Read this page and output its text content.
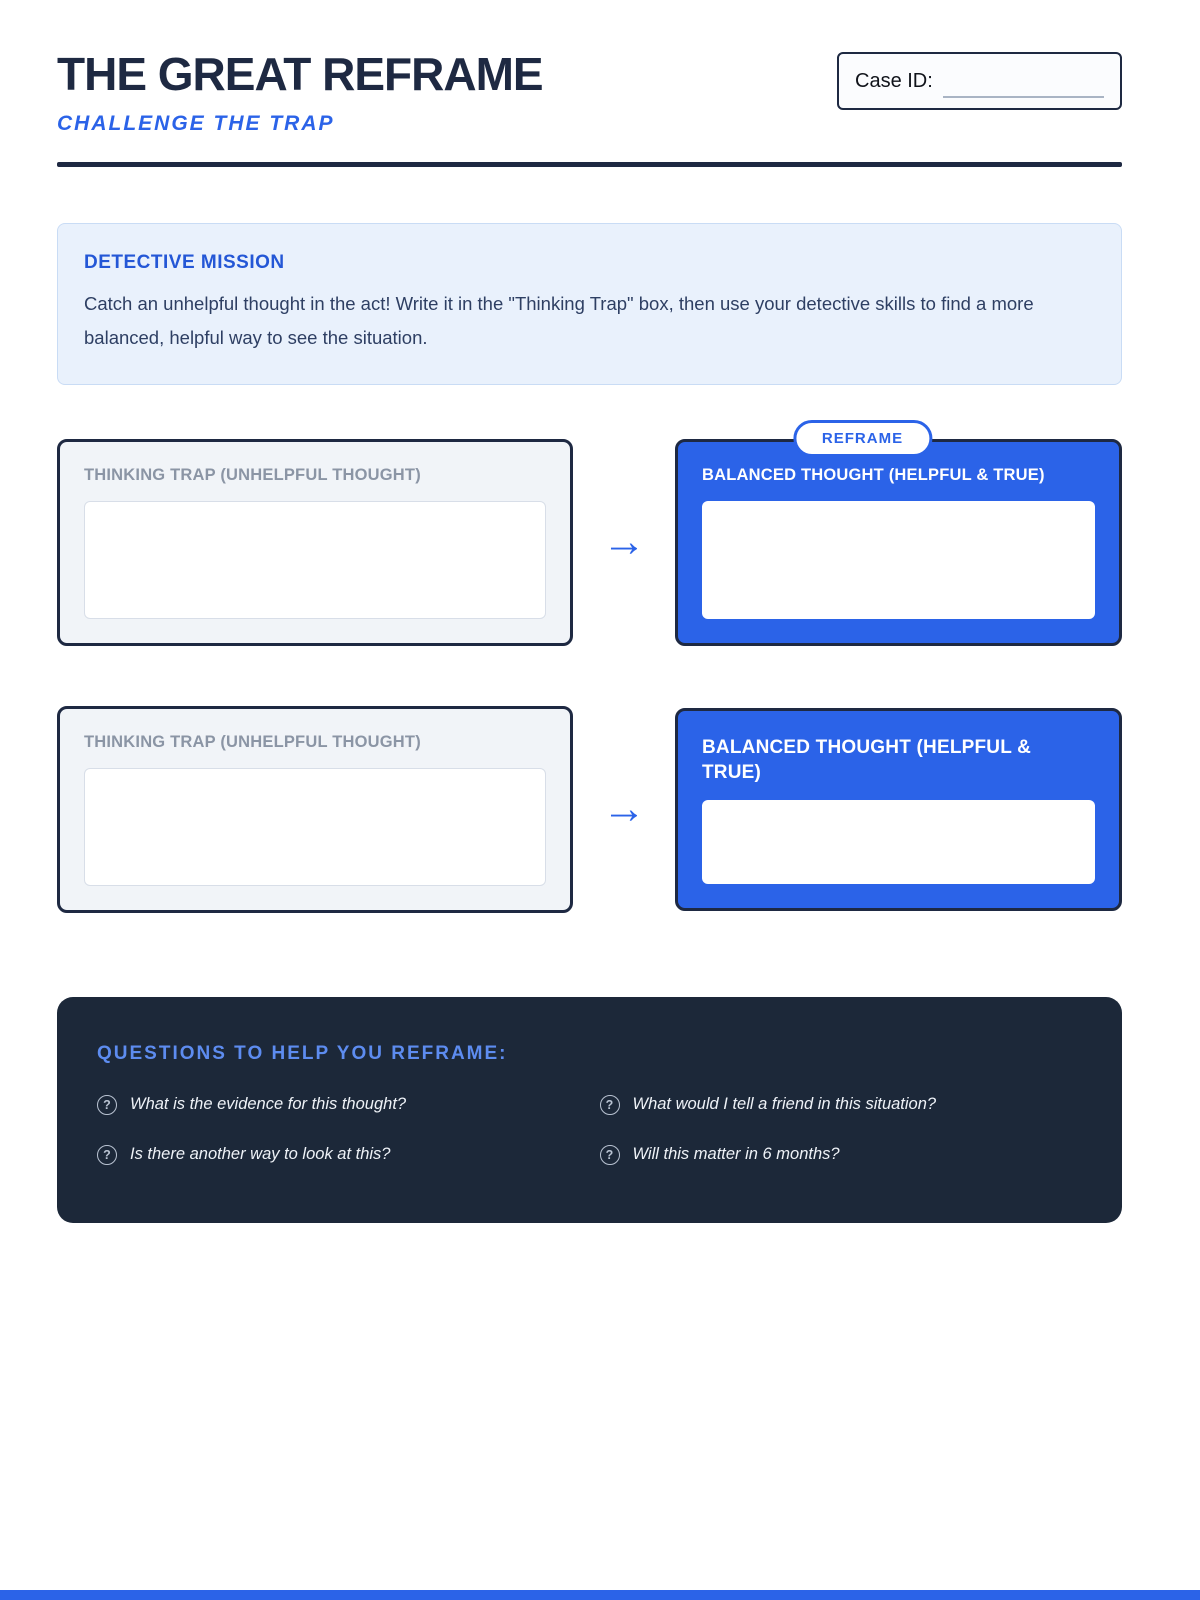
THE GREAT REFRAME
CHALLENGE THE TRAP
Case ID:
DETECTIVE MISSION
Catch an unhelpful thought in the act! Write it in the "Thinking Trap" box, then use your detective skills to find a more balanced, helpful way to see the situation.
THINKING TRAP (UNHELPFUL THOUGHT)
→
REFRAME
BALANCED THOUGHT (HELPFUL & TRUE)
THINKING TRAP (UNHELPFUL THOUGHT)
→
BALANCED THOUGHT (HELPFUL & TRUE)
QUESTIONS TO HELP YOU REFRAME:
?	What is the evidence for this thought?	?	What would I tell a friend in this situation?
?	Is there another way to look at this?	?	Will this matter in 6 months?
